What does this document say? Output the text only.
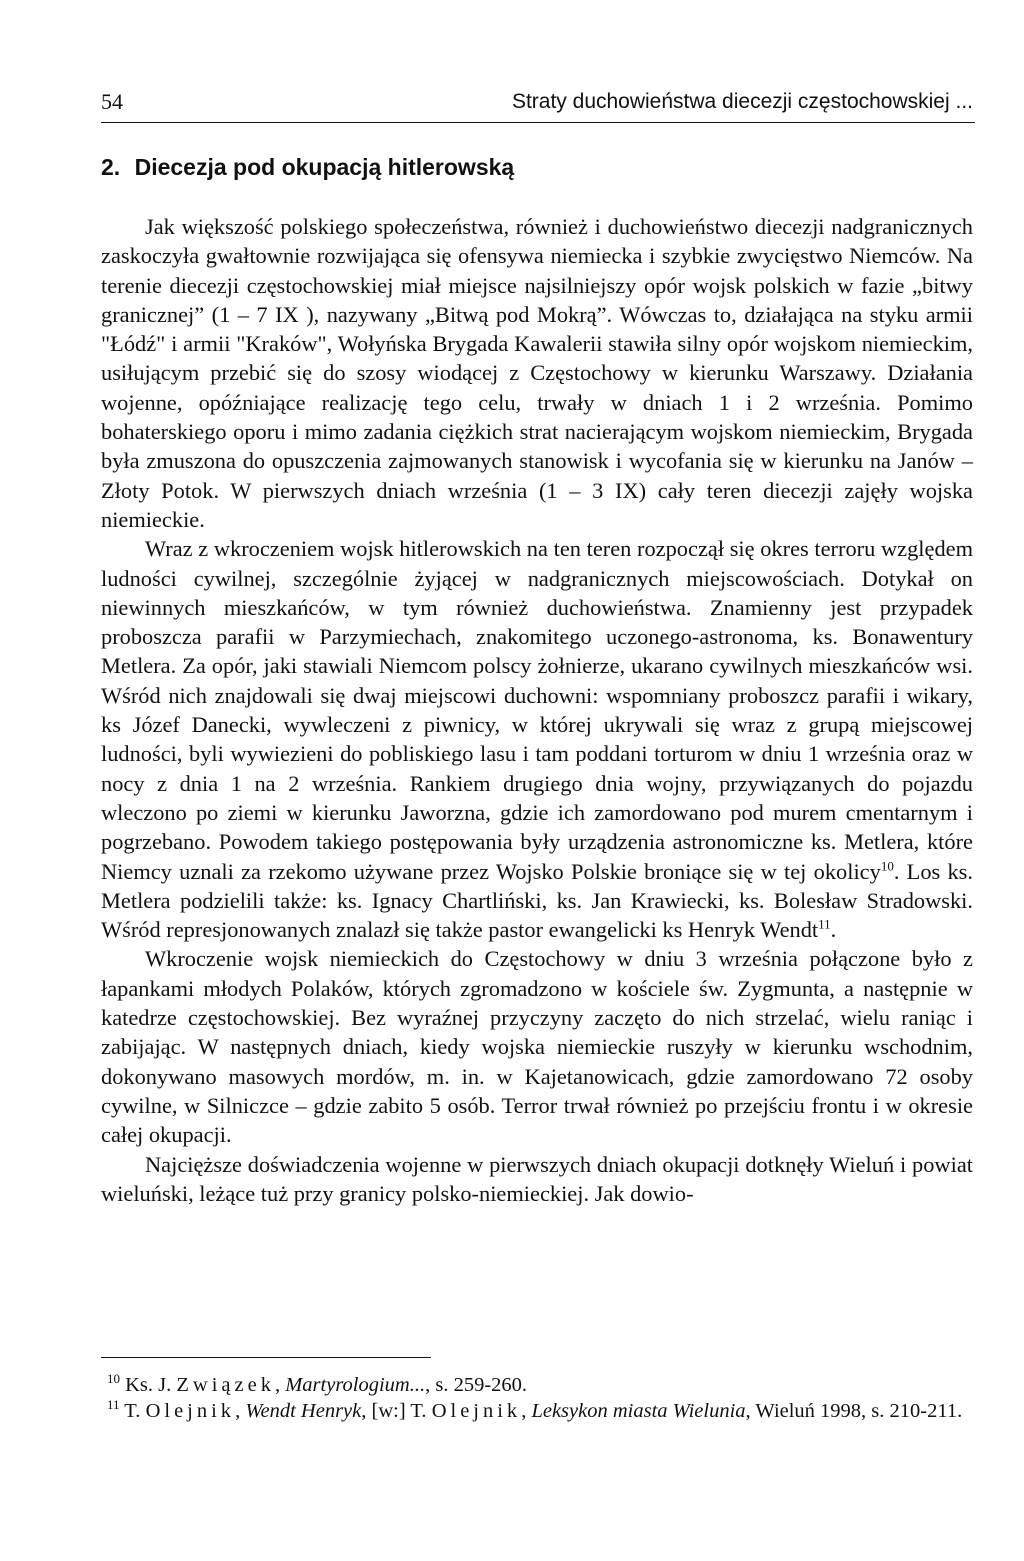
54	Straty duchowieństwa diecezji częstochowskiej ...
2. Diecezja pod okupacją hitlerowską

Jak większość polskiego społeczeństwa, również i duchowieństwo diecezji nadgranicznych zaskoczyła gwałtownie rozwijająca się ofensywa niemiecka i szybkie zwycięstwo Niemców. Na terenie diecezji częstochowskiej miał miejsce najsilniejszy opór wojsk polskich w fazie „bitwy granicznej” (1 – 7 IX ), nazywany „Bitwą pod Mokrą”. Wówczas to, działająca na styku armii "Łódź" i armii "Kraków", Wołyńska Brygada Kawalerii stawiła silny opór wojskom niemieckim, usiłującym przebić się do szosy wiodącej z Częstochowy w kierunku Warszawy. Działania wojenne, opóźniające realizację tego celu, trwały w dniach 1 i 2 września. Pomimo bohaterskiego oporu i mimo zadania ciężkich strat nacierającym wojskom niemieckim, Brygada była zmuszona do opuszczenia zajmowanych stanowisk i wycofania się w kierunku na Janów – Złoty Potok. W pierwszych dniach września (1 – 3 IX) cały teren diecezji zajęły wojska niemieckie.

Wraz z wkroczeniem wojsk hitlerowskich na ten teren rozpoczął się okres terroru względem ludności cywilnej, szczególnie żyjącej w nadgranicznych miejscowościach. Dotykał on niewinnych mieszkańców, w tym również duchowieństwa. Znamienny jest przypadek proboszcza parafii w Parzymiechach, znakomitego uczonego-astronoma, ks. Bonawentury Metlera. Za opór, jaki stawiali Niemcom polscy żołnierze, ukarano cywilnych mieszkańców wsi. Wśród nich znajdowali się dwaj miejscowi duchowni: wspomniany proboszcz parafii i wikary, ks Józef Danecki, wywleczeni z piwnicy, w której ukrywali się wraz z grupą miejscowej ludności, byli wywiezieni do pobliskiego lasu i tam poddani torturom w dniu 1 września oraz w nocy z dnia 1 na 2 września. Rankiem drugiego dnia wojny, przywiązanych do pojazdu wleczono po ziemi w kierunku Jaworzna, gdzie ich zamordowano pod murem cmentarnym i pogrzebano. Powodem takiego postępowania były urządzenia astronomiczne ks. Metlera, które Niemcy uznali za rzekomo używane przez Wojsko Polskie broniące się w tej okolicy$^{10}$. Los ks. Metlera podzielili także: ks. Ignacy Chartliński, ks. Jan Krawiecki, ks. Bolesław Stradowski. Wśród represjonowanych znalazł się także pastor ewangelicki ks Henryk Wendt$^{11}$.

Wkroczenie wojsk niemieckich do Częstochowy w dniu 3 września połączone było z łapankami młodych Polaków, których zgromadzono w kościele św. Zygmunta, a następnie w katedrze częstochowskiej. Bez wyraźnej przyczyny zaczęto do nich strzelać, wielu raniąc i zabijając. W następnych dniach, kiedy wojska niemieckie ruszyły w kierunku wschodnim, dokonywano masowych mordów, m. in. w Kajetanowicach, gdzie zamordowano 72 osoby cywilne, w Silniczce – gdzie zabito 5 osób. Terror trwał również po przejściu frontu i w okresie całej okupacji.

Najcięższe doświadczenia wojenne w pierwszych dniach okupacji dotknęły Wieluń i powiat wieluński, leżące tuż przy granicy polsko-niemieckiej. Jak dowio-

$^{10}$ Ks. J. Związek, Martyrologium..., s. 259-260.
$^{11}$ T. Olejnik, Wendt Henryk, [w:] T. Olejnik, Leksykon miasta Wielunia, Wieluń 1998, s. 210-211.
